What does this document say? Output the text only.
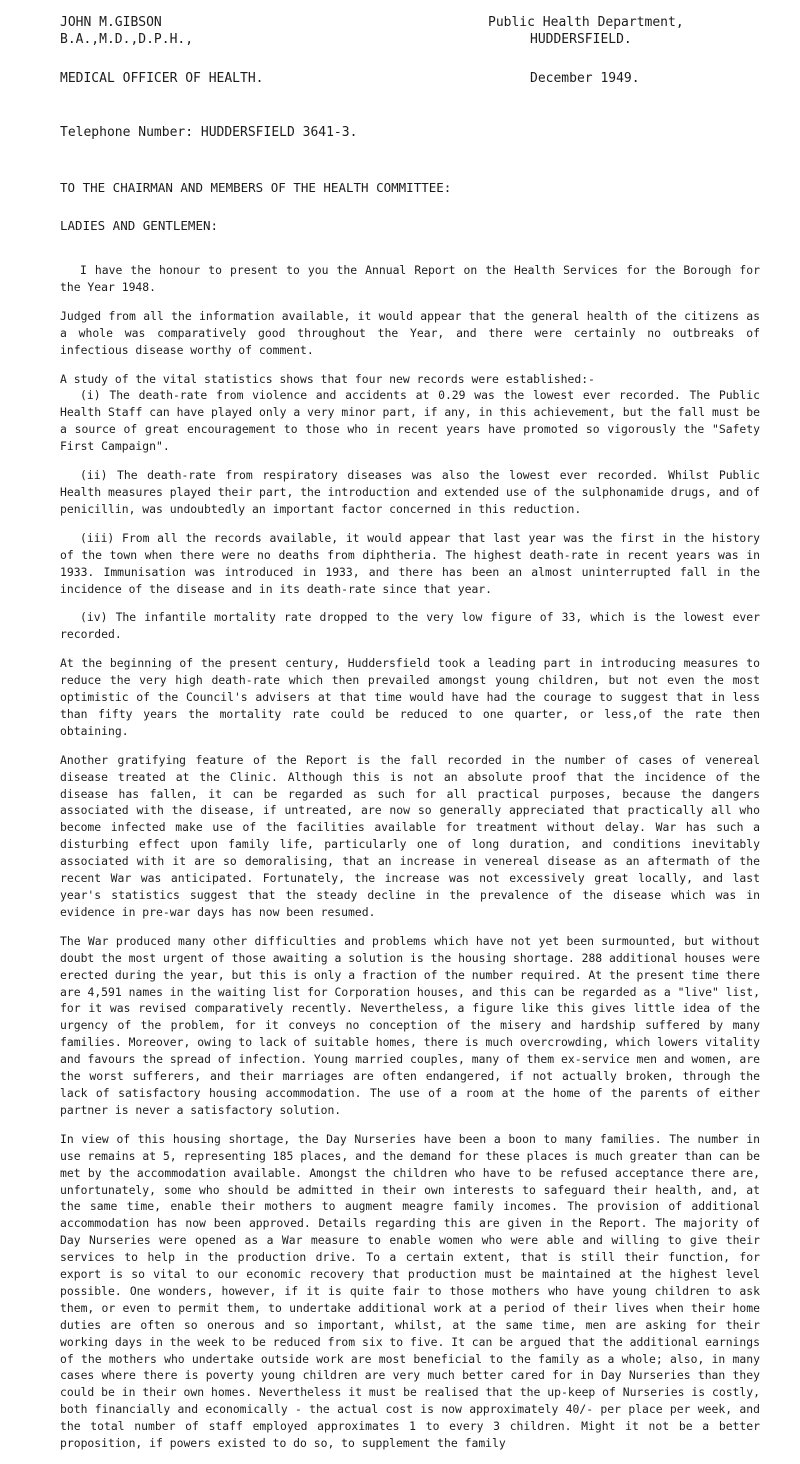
JOHN M.GIBSON
B.A.,M.D.,D.P.H.,
MEDICAL OFFICER OF HEALTH.
Public Health Department,
HUDDERSFIELD.
December 1949.
Telephone Number: HUDDERSFIELD 3641-3.
TO THE CHAIRMAN AND MEMBERS OF THE HEALTH COMMITTEE:
LADIES AND GENTLEMEN:

I have the honour to present to you the Annual Report on the Health Services for the Borough for the Year 1948.

Judged from all the information available, it would appear that the general health of the citizens as a whole was comparatively good throughout the Year, and there were certainly no outbreaks of infectious disease worthy of comment.

A study of the vital statistics shows that four new records were established:-

(i) The death-rate from violence and accidents at 0.29 was the lowest ever recorded. The Public Health Staff can have played only a very minor part, if any, in this achievement, but the fall must be a source of great encouragement to those who in recent years have promoted so vigorously the "Safety First Campaign".

(ii) The death-rate from respiratory diseases was also the lowest ever recorded. Whilst Public Health measures played their part, the introduction and extended use of the sulphonamide drugs, and of penicillin, was undoubtedly an important factor concerned in this reduction.

(iii) From all the records available, it would appear that last year was the first in the history of the town when there were no deaths from diphtheria. The highest death-rate in recent years was in 1933. Immunisation was introduced in 1933, and there has been an almost uninterrupted fall in the incidence of the disease and in its death-rate since that year.

(iv) The infantile mortality rate dropped to the very low figure of 33, which is the lowest ever recorded.

At the beginning of the present century, Huddersfield took a leading part in introducing measures to reduce the very high death-rate which then prevailed amongst young children, but not even the most optimistic of the Council's advisers at that time would have had the courage to suggest that in less than fifty years the mortality rate could be reduced to one quarter, or less,of the rate then obtaining.

Another gratifying feature of the Report is the fall recorded in the number of cases of venereal disease treated at the Clinic. Although this is not an absolute proof that the incidence of the disease has fallen, it can be regarded as such for all practical purposes, because the dangers associated with the disease, if untreated, are now so generally appreciated that practically all who become infected make use of the facilities available for treatment without delay. War has such a disturbing effect upon family life, particularly one of long duration, and conditions inevitably associated with it are so demoralising, that an increase in venereal disease as an aftermath of the recent War was anticipated. Fortunately, the increase was not excessively great locally, and last year's statistics suggest that the steady decline in the prevalence of the disease which was in evidence in pre-war days has now been resumed.

The War produced many other difficulties and problems which have not yet been surmounted, but without doubt the most urgent of those awaiting a solution is the housing shortage. 288 additional houses were erected during the year, but this is only a fraction of the number required. At the present time there are 4,591 names in the waiting list for Corporation houses, and this can be regarded as a "live" list, for it was revised comparatively recently. Nevertheless, a figure like this gives little idea of the urgency of the problem, for it conveys no conception of the misery and hardship suffered by many families. Moreover, owing to lack of suitable homes, there is much overcrowding, which lowers vitality and favours the spread of infection. Young married couples, many of them ex-service men and women, are the worst sufferers, and their marriages are often endangered, if not actually broken, through the lack of satisfactory housing accommodation. The use of a room at the home of the parents of either partner is never a satisfactory solution.

In view of this housing shortage, the Day Nurseries have been a boon to many families. The number in use remains at 5, representing 185 places, and the demand for these places is much greater than can be met by the accommodation available. Amongst the children who have to be refused acceptance there are, unfortunately, some who should be admitted in their own interests to safeguard their health, and, at the same time, enable their mothers to augment meagre family incomes. The provision of additional accommodation has now been approved. Details regarding this are given in the Report. The majority of Day Nurseries were opened as a War measure to enable women who were able and willing to give their services to help in the production drive. To a certain extent, that is still their function, for export is so vital to our economic recovery that production must be maintained at the highest level possible. One wonders, however, if it is quite fair to those mothers who have young children to ask them, or even to permit them, to undertake additional work at a period of their lives when their home duties are often so onerous and so important, whilst, at the same time, men are asking for their working days in the week to be reduced from six to five. It can be argued that the additional earnings of the mothers who undertake outside work are most beneficial to the family as a whole; also, in many cases where there is poverty young children are very much better cared for in Day Nurseries than they could be in their own homes. Nevertheless it must be realised that the up-keep of Nurseries is costly, both financially and economically - the actual cost is now approximately 40/- per place per week, and the total number of staff employed approximates 1 to every 3 children. Might it not be a better proposition, if powers existed to do so, to supplement the family
